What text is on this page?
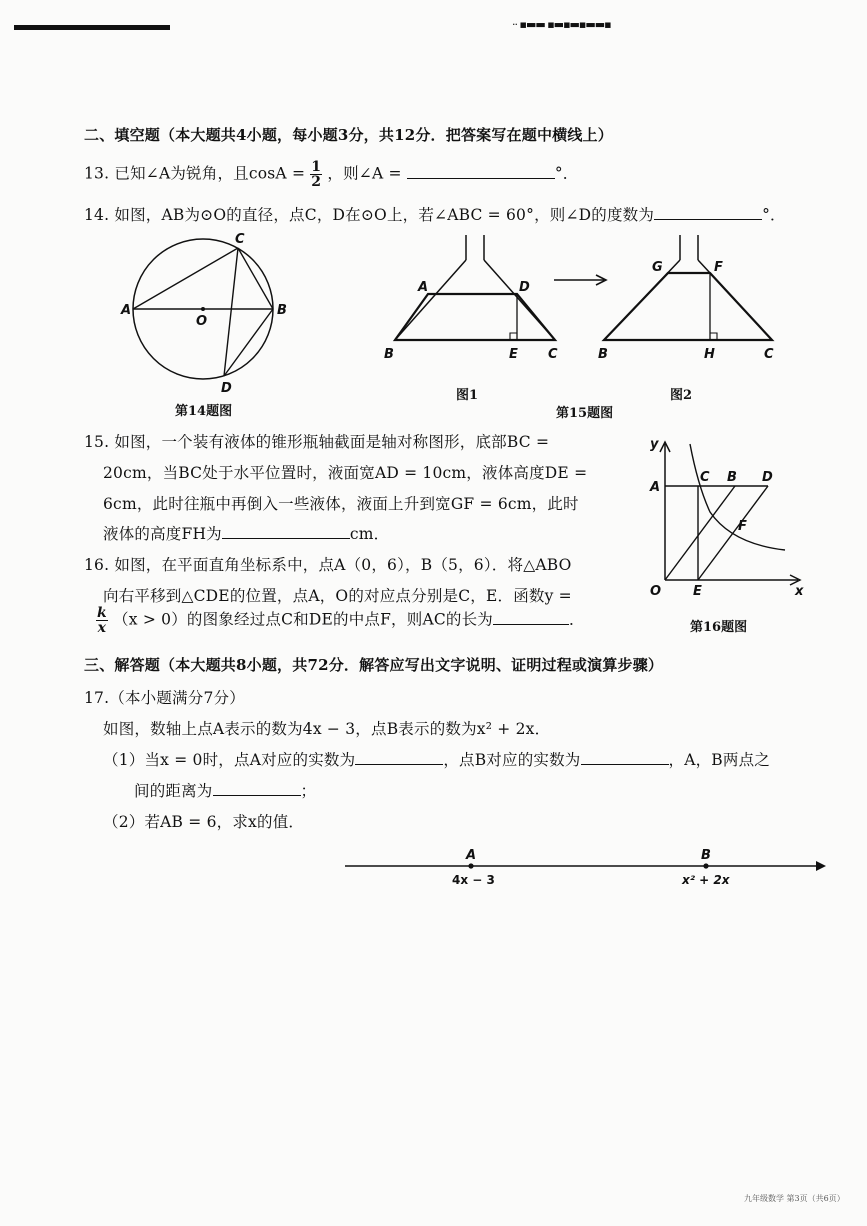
·· ▪▬▬ ▪▬▪▬▪▬▬▪
二、填空题（本大题共4小题，每小题3分，共12分．把答案写在题中横线上）
13. 已知∠A为锐角，且$\cos A = \frac{1}{2}$ ，则∠A =	°．
14. 如图，AB为⊙O的直径，点C，D在⊙O上，若∠ABC = 60°，则∠D的度数为	°．
A	B
C
D
O
第14题图
A	D
B	E C
图1
G	F
B	H	C
图2
第15题图
15. 如图，一个装有液体的锥形瓶轴截面是轴对称图形，底部BC =
20cm，当BC处于水平位置时，液面宽AD = 10cm，液体高度DE =
6cm，此时往瓶中再倒入一些液体，液面上升到宽GF = 6cm，此时
液体的高度FH为	cm．
16. 如图，在平面直角坐标系中，点A（0，6），B（5，6）．将△ABO
向右平移到△CDE的位置，点A，O的对应点分别是C，E．函数y =
$\frac{k}{x} (x > 0)$的图象经过点C和DE的中点F，则AC的长为	．
y
x
O
A
C B D
E
F
第16题图
三、解答题（本大题共8小题，共72分．解答应写出文字说明、证明过程或演算步骤）
17.（本小题满分7分）
如图，数轴上点A表示的数为4x − 3，点B表示的数为x² + 2x．
（1）当x = 0时，点A对应的实数为	，点B对应的实数为	，A，B两点之
间的距离为	；
（2）若AB = 6，求x的值．
A	B
4x − 3	x² + 2x
九年级数学 第3页（共6页）
